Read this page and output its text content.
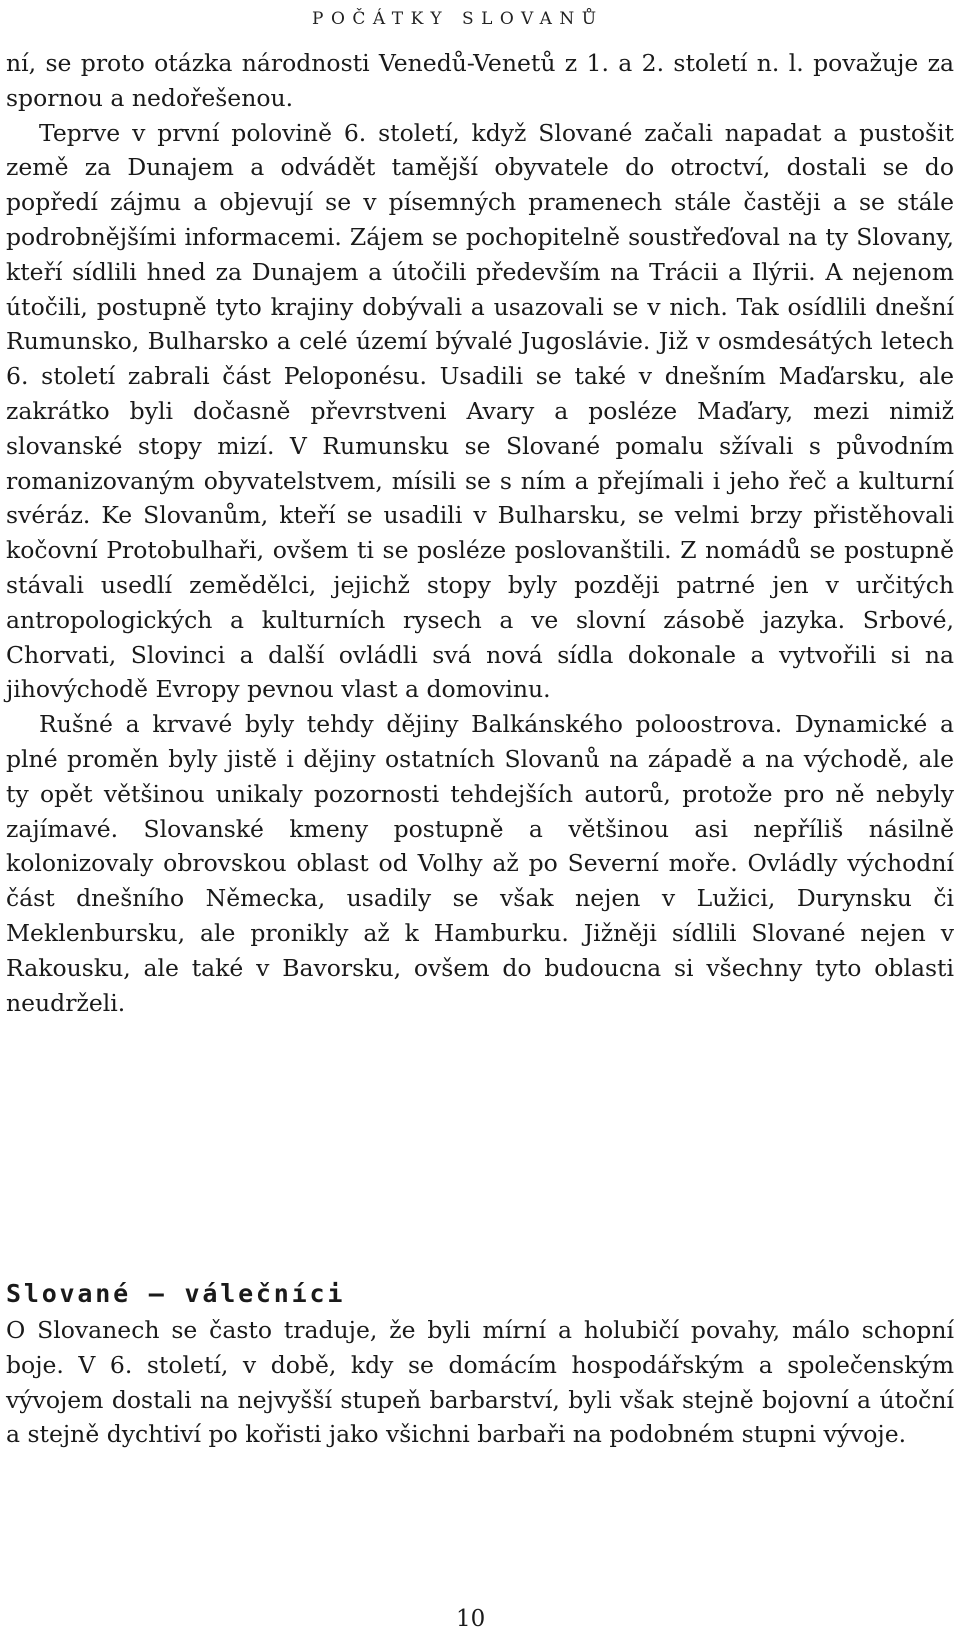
POČÁTKY SLOVANŮ

ní, se proto otázka národnosti Venedů-Venetů z 1. a 2. století n. l. považuje za spornou a nedořešenou.

Teprve v první polovině 6. století, když Slované začali napadat a pustošit země za Dunajem a odvádět tamější obyvatele do otroctví, dostali se do popředí zájmu a objevují se v písemných pramenech stále častěji a se stále podrobnějšími informacemi. Zájem se pochopitelně soustřeďoval na ty Slovany, kteří sídlili hned za Dunajem a útočili především na Trácii a Ilýrii. A nejenom útočili, postupně tyto krajiny dobývali a usazovali se v nich. Tak osídlili dnešní Rumunsko, Bulharsko a celé území bývalé Jugoslávie. Již v osmdesátých letech 6. století zabrali část Peloponésu. Usadili se také v dnešním Maďarsku, ale zakrátko byli dočasně převrstveni Avary a posléze Maďary, mezi nimiž slovanské stopy mizí. V Rumunsku se Slované pomalu sžívali s původním romanizovaným obyvatelstvem, mísili se s ním a přejímali i jeho řeč a kulturní svéráz. Ke Slovanům, kteří se usadili v Bulharsku, se velmi brzy přistěhovali kočovní Protobulhaři, ovšem ti se posléze poslovanštili. Z nomádů se postupně stávali usedlí zemědělci, jejichž stopy byly později patrné jen v určitých antropologických a kulturních rysech a ve slovní zásobě jazyka. Srbové, Chorvati, Slovinci a další ovládli svá nová sídla dokonale a vytvořili si na jihovýchodě Evropy pevnou vlast a domovinu.

Rušné a krvavé byly tehdy dějiny Balkánského poloostrova. Dynamické a plné proměn byly jistě i dějiny ostatních Slovanů na západě a na východě, ale ty opět většinou unikaly pozornosti tehdejších autorů, protože pro ně nebyly zajímavé. Slovanské kmeny postupně a většinou asi nepříliš násilně kolonizovaly obrovskou oblast od Volhy až po Severní moře. Ovládly východní část dnešního Německa, usadily se však nejen v Lužici, Durynsku či Meklenbursku, ale pronikly až k Hamburku. Jižněji sídlili Slované nejen v Rakousku, ale také v Bavorsku, ovšem do budoucna si všechny tyto oblasti neudrželi.

Slované – válečníci

O Slovanech se často traduje, že byli mírní a holubičí povahy, málo schopní boje. V 6. století, v době, kdy se domácím hospodářským a společenským vývojem dostali na nejvyšší stupeň barbarství, byli však stejně bojovní a útoční a stejně dychtiví po kořisti jako všichni barbaři na podobném stupni vývoje.

10
